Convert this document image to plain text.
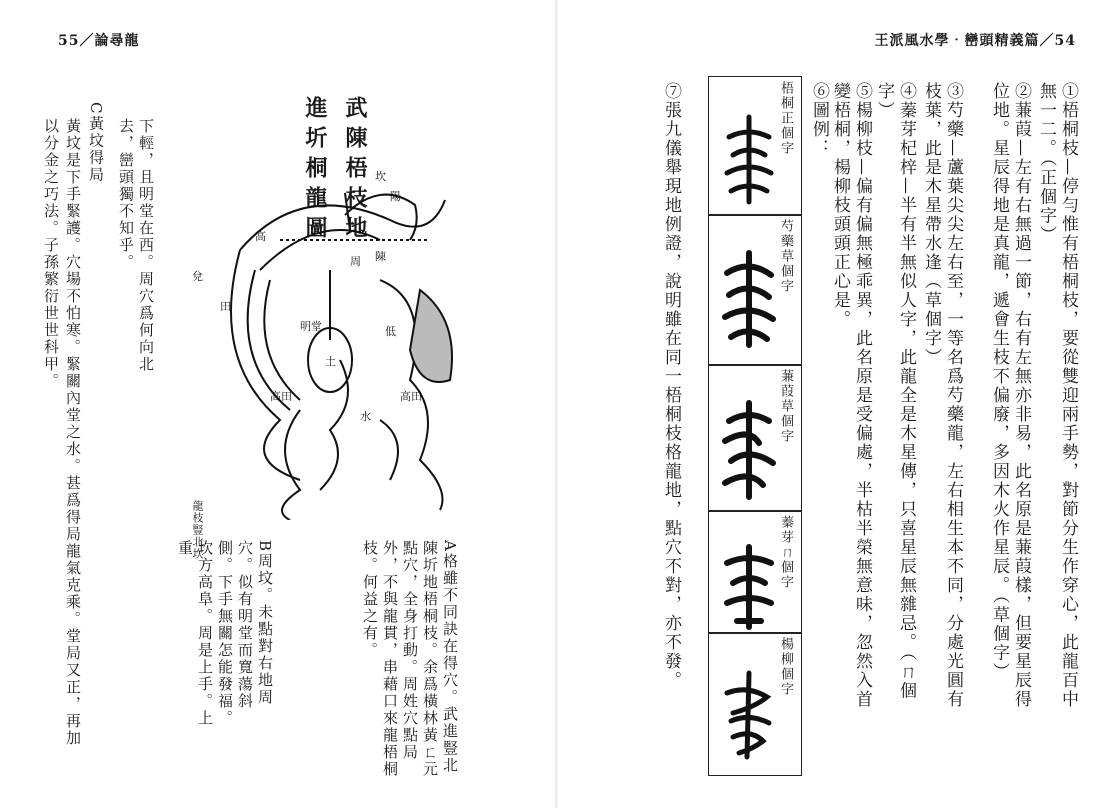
55／論尋龍	王派風水學‧巒頭精義篇／54
①梧桐枝—停勻惟有梧桐枝，要從雙迎兩手勢，對節分生作穿心，此龍百中無一二。（正個字）
②蒹葭—左有右無過一節，右有左無亦非易，此名原是蒹葭樣，但要星辰得位地。星辰得地是真龍，遞會生枝不偏廢，多因木火作星辰。（草個字）
③芍藥—蘆葉尖尖左右至，一等名爲芍藥龍，左右相生本不同，分處光圓有枝葉，此是木星帶水逢（草個字）
④蓁芽杞梓—半有半無似人字，此龍全是木星傳，只喜星辰無雜忌。（ㄇ個字）
⑤楊柳枝—偏有偏無極乖異，此名原是受偏處，半枯半榮無意味，忽然入首變梧桐，楊柳枝頭頭正心是。
⑥圖例：
⑦張九儀舉現地例證，說明雖在同一梧桐枝格龍地，點穴不對，亦不發。	梧桐正個字
芍藥草個字
蒹葭草個字
蓁芽ㄇ個字
楊柳個字
武陳梧枝地
進圻桐龍圖	坎
陽
周 陳
田
高
低
高田
高田
水
明堂
土
兌
龍枝豎北坎
A格雖不同訣在得穴。武進豎北陳圻地梧桐枝。余爲橫林黃ㄈ元點穴，全身打動。周姓穴點局外，不與龍貫，串藉口來龍梧桐枝。何益之有。
B周坟。未點對右地周穴。似有明堂而寬蕩斜側。下手無關怎能發福。坎方高阜。周是上手。上重
下輕，且明堂在西。周穴爲何向北去，巒頭獨不知乎。
C黃坟得局
黃坟是下手緊護。穴場不怕寒。緊關內堂之水。甚爲得局龍氣克乘。堂局又正，再加以分金之巧法。子孫繁衍世世科甲。
